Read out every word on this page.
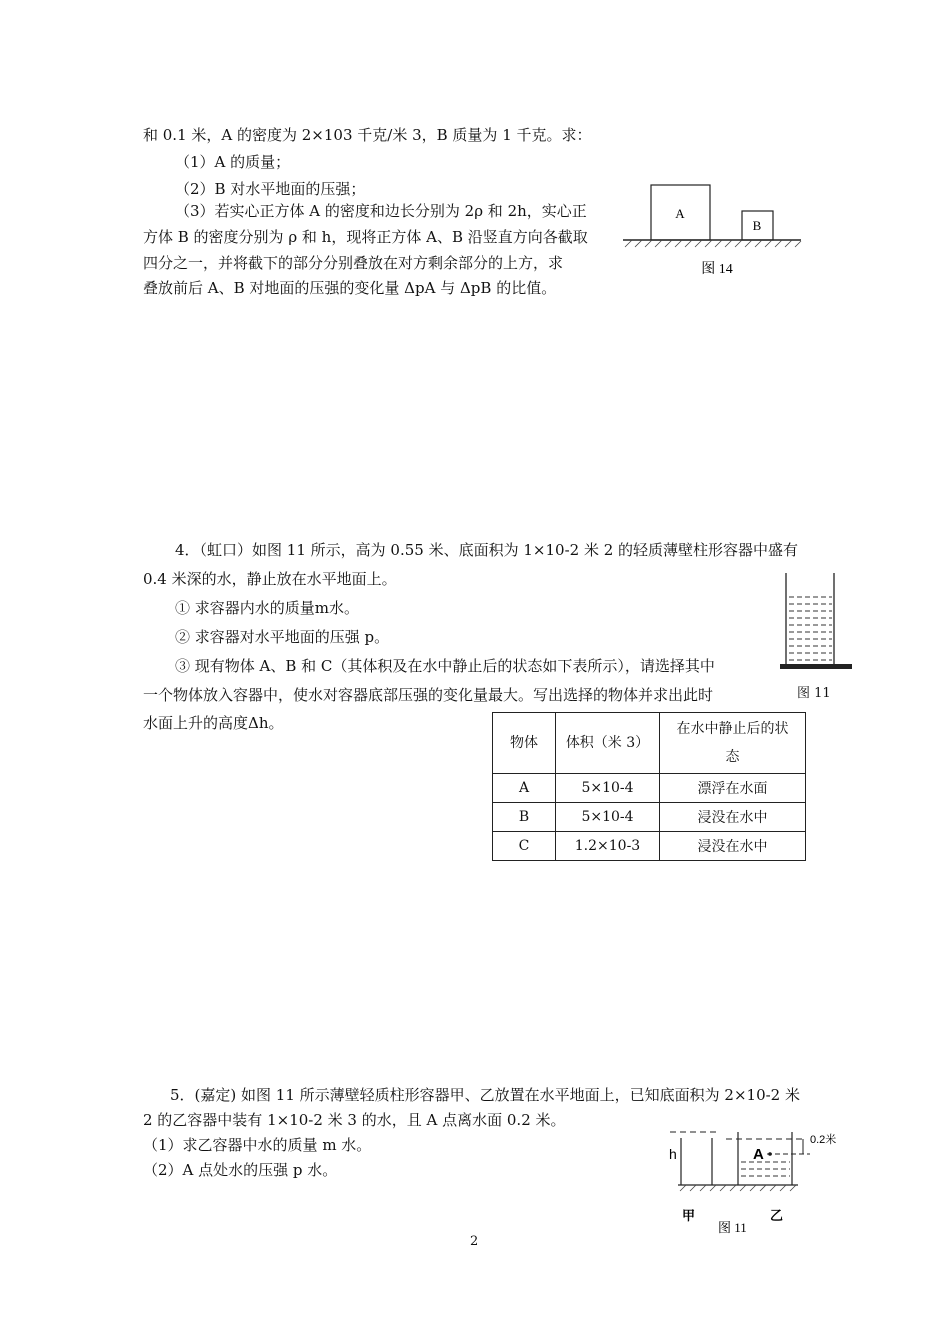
和 0.1 米，A 的密度为 2×103 千克/米 3，B 质量为 1 千克。求：
（1）A 的质量；
（2）B 对水平地面的压强；
（3）若实心正方体 A 的密度和边长分别为 2ρ 和 2h，实心正
方体 B 的密度分别为 ρ 和 h，现将正方体 A、B 沿竖直方向各截取
四分之一，并将截下的部分分别叠放在对方剩余部分的上方，求
叠放前后 A、B 对地面的压强的变化量 ΔpA 与 ΔpB 的比值。
A
B
图 14
4．（虹口）如图 11 所示，高为 0.55 米、底面积为 1×10-2 米 2 的轻质薄壁柱形容器中盛有
0.4 米深的水，静止放在水平地面上。
① 求容器内水的质量m水。
② 求容器对水平地面的压强 p。
③ 现有物体 A、B 和 C（其体积及在水中静止后的状态如下表所示），请选择其中
一个物体放入容器中，使水对容器底部压强的变化量最大。写出选择的物体并求出此时
水面上升的高度Δh。
图 11
物体	体积（米 3）	在水中静止后的状态
A	5×10-4	漂浮在水面
B	5×10-4	浸没在水中
C	1.2×10-3	浸没在水中
5．(嘉定) 如图 11 所示薄壁轻质柱形容器甲、乙放置在水平地面上，已知底面积为 2×10-2 米
2 的乙容器中装有 1×10-2 米 3 的水，且 A 点离水面 0.2 米。
（1）求乙容器中水的质量 m 水。
（2）A 点处水的压强 p 水。
h	A
0.2米
甲	乙
图 11
2
